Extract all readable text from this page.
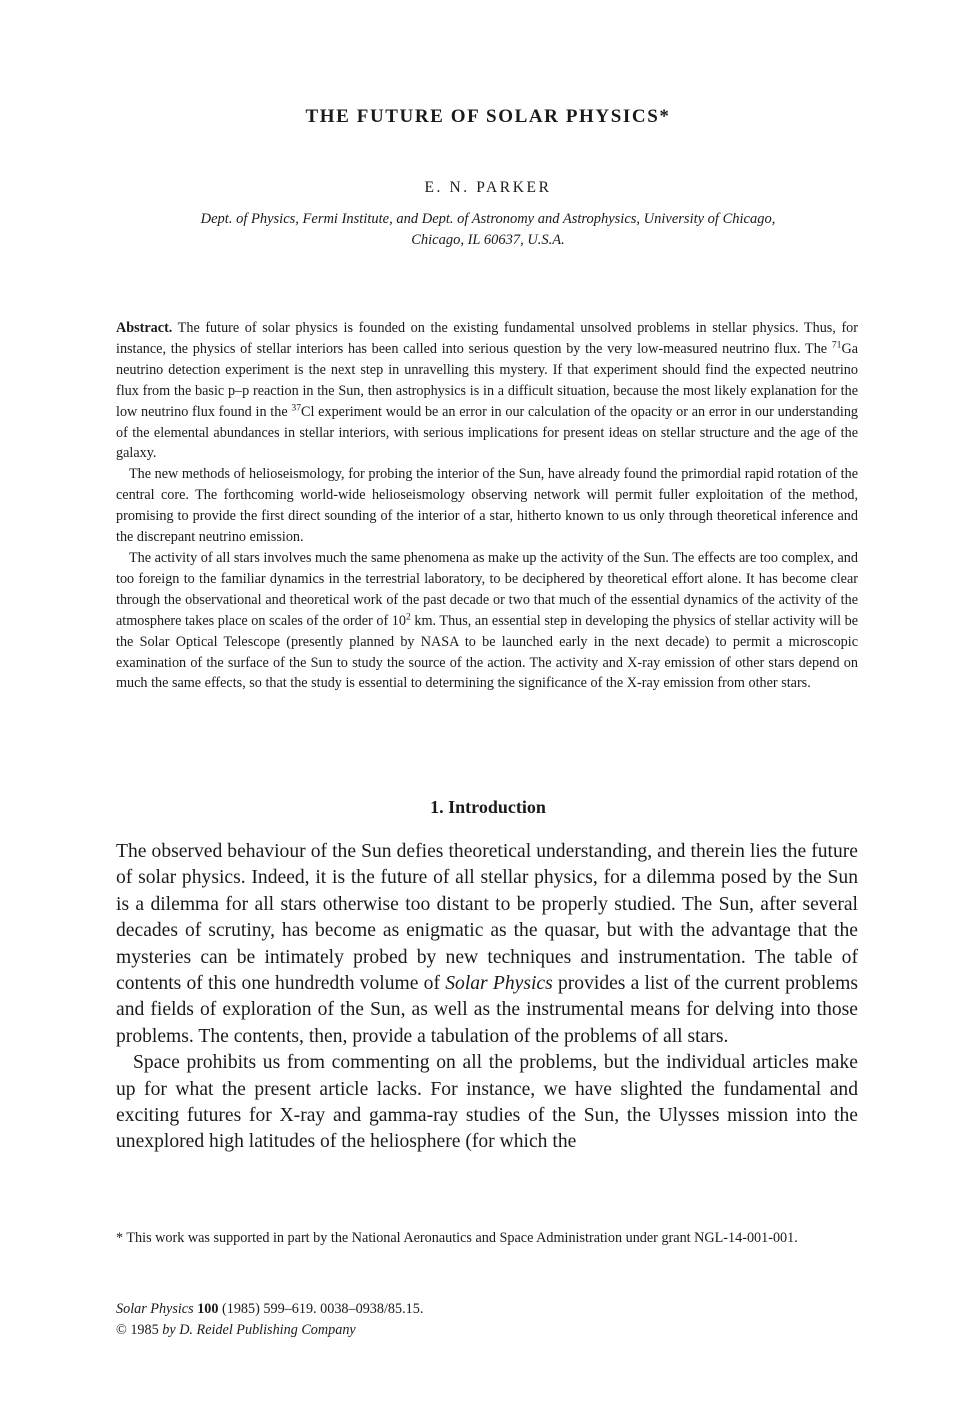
THE FUTURE OF SOLAR PHYSICS*
E. N. PARKER
Dept. of Physics, Fermi Institute, and Dept. of Astronomy and Astrophysics, University of Chicago,
Chicago, IL 60637, U.S.A.

Abstract. The future of solar physics is founded on the existing fundamental unsolved problems in stellar physics. Thus, for instance, the physics of stellar interiors has been called into serious question by the very low-measured neutrino flux. The $^{71}$Ga neutrino detection experiment is the next step in unravelling this mystery. If that experiment should find the expected neutrino flux from the basic p–p reaction in the Sun, then astrophysics is in a difficult situation, because the most likely explanation for the low neutrino flux found in the $^{37}$Cl experiment would be an error in our calculation of the opacity or an error in our understanding of the elemental abundances in stellar interiors, with serious implications for present ideas on stellar structure and the age of the galaxy.

The new methods of helioseismology, for probing the interior of the Sun, have already found the primordial rapid rotation of the central core. The forthcoming world-wide helioseismology observing network will permit fuller exploitation of the method, promising to provide the first direct sounding of the interior of a star, hitherto known to us only through theoretical inference and the discrepant neutrino emission.

The activity of all stars involves much the same phenomena as make up the activity of the Sun. The effects are too complex, and too foreign to the familiar dynamics in the terrestrial laboratory, to be deciphered by theoretical effort alone. It has become clear through the observational and theoretical work of the past decade or two that much of the essential dynamics of the activity of the atmosphere takes place on scales of the order of $10^2$ km. Thus, an essential step in developing the physics of stellar activity will be the Solar Optical Telescope (presently planned by NASA to be launched early in the next decade) to permit a microscopic examination of the surface of the Sun to study the source of the action. The activity and X-ray emission of other stars depend on much the same effects, so that the study is essential to determining the significance of the X-ray emission from other stars.

1. Introduction

The observed behaviour of the Sun defies theoretical understanding, and therein lies the future of solar physics. Indeed, it is the future of all stellar physics, for a dilemma posed by the Sun is a dilemma for all stars otherwise too distant to be properly studied. The Sun, after several decades of scrutiny, has become as enigmatic as the quasar, but with the advantage that the mysteries can be intimately probed by new techniques and instrumentation. The table of contents of this one hundredth volume of Solar Physics provides a list of the current problems and fields of exploration of the Sun, as well as the instrumental means for delving into those problems. The contents, then, provide a tabulation of the problems of all stars.

Space prohibits us from commenting on all the problems, but the individual articles make up for what the present article lacks. For instance, we have slighted the fundamental and exciting futures for X-ray and gamma-ray studies of the Sun, the Ulysses mission into the unexplored high latitudes of the heliosphere (for which the

* This work was supported in part by the National Aeronautics and Space Administration under grant NGL-14-001-001.
Solar Physics 100 (1985) 599–619. 0038–0938/85.15.
© 1985 by D. Reidel Publishing Company
